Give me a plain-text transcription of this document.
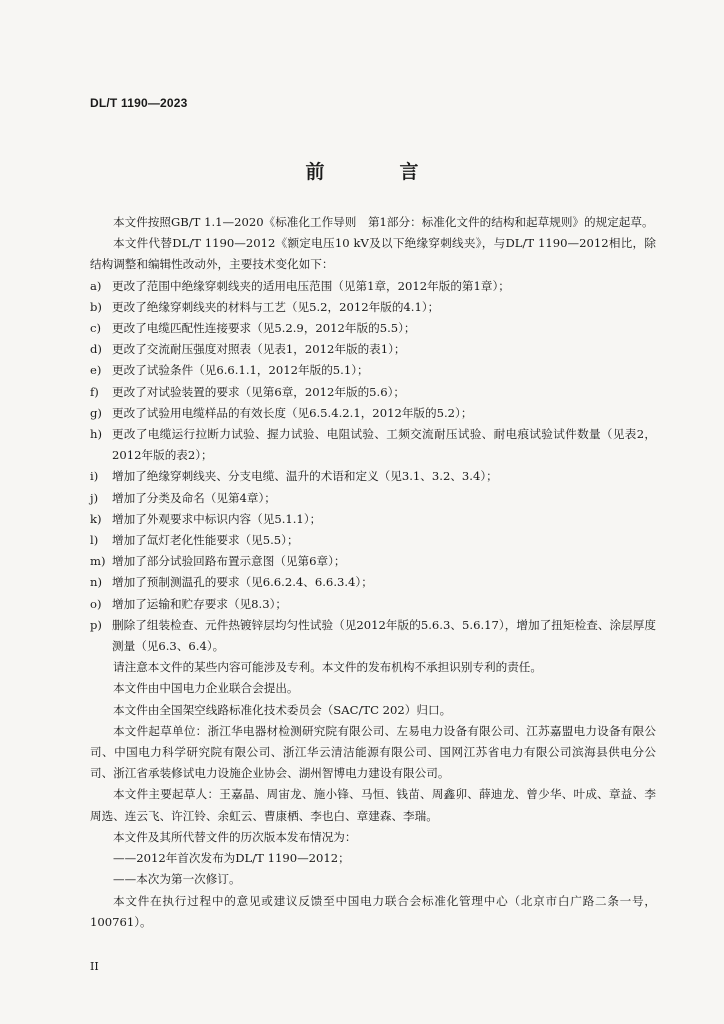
DL/T 1190—2023
前　言

本文件按照GB/T 1.1—2020《标准化工作导则　第1部分：标准化文件的结构和起草规则》的规定起草。

本文件代替DL/T 1190—2012《额定电压10 kV及以下绝缘穿刺线夹》，与DL/T 1190—2012相比，除结构调整和编辑性改动外，主要技术变化如下：

a) 更改了范围中绝缘穿刺线夹的适用电压范围（见第1章，2012年版的第1章）；
b) 更改了绝缘穿刺线夹的材料与工艺（见5.2，2012年版的4.1）；
c) 更改了电缆匹配性连接要求（见5.2.9，2012年版的5.5）；
d) 更改了交流耐压强度对照表（见表1，2012年版的表1）；
e) 更改了试验条件（见6.6.1.1，2012年版的5.1）；
f)	更改了对试验装置的要求（见第6章，2012年版的5.6）；
g) 更改了试验用电缆样品的有效长度（见6.5.4.2.1，2012年版的5.2）；
h) 更改了电缆运行拉断力试验、握力试验、电阻试验、工频交流耐压试验、耐电痕试验试件数量（见表2，2012年版的表2）；
i)	增加了绝缘穿刺线夹、分支电缆、温升的术语和定义（见3.1、3.2、3.4）；
j)	增加了分类及命名（见第4章）；
k) 增加了外观要求中标识内容（见5.1.1）；
l)	增加了氙灯老化性能要求（见5.5）；
m) 增加了部分试验回路布置示意图（见第6章）；
n) 增加了预制测温孔的要求（见6.6.2.4、6.6.3.4）；
o) 增加了运输和贮存要求（见8.3）；
p) 删除了组装检查、元件热镀锌层均匀性试验（见2012年版的5.6.3、5.6.17），增加了扭矩检查、涂层厚度测量（见6.3、6.4）。

请注意本文件的某些内容可能涉及专利。本文件的发布机构不承担识别专利的责任。

本文件由中国电力企业联合会提出。

本文件由全国架空线路标准化技术委员会（SAC/TC 202）归口。

本文件起草单位：浙江华电器材检测研究院有限公司、左易电力设备有限公司、江苏嘉盟电力设备有限公司、中国电力科学研究院有限公司、浙江华云清洁能源有限公司、国网江苏省电力有限公司滨海县供电分公司、浙江省承装修试电力设施企业协会、湖州智博电力建设有限公司。

本文件主要起草人：王嘉晶、周宙龙、施小锋、马恒、钱苗、周鑫卯、薛迪龙、曾少华、叶成、章益、李周选、连云飞、许江铃、余虹云、曹康栖、李也白、章建森、李瑞。

本文件及其所代替文件的历次版本发布情况为：

——2012年首次发布为DL/T 1190—2012；

——本次为第一次修订。

本文件在执行过程中的意见或建议反馈至中国电力联合会标准化管理中心（北京市白广路二条一号，100761）。

II
